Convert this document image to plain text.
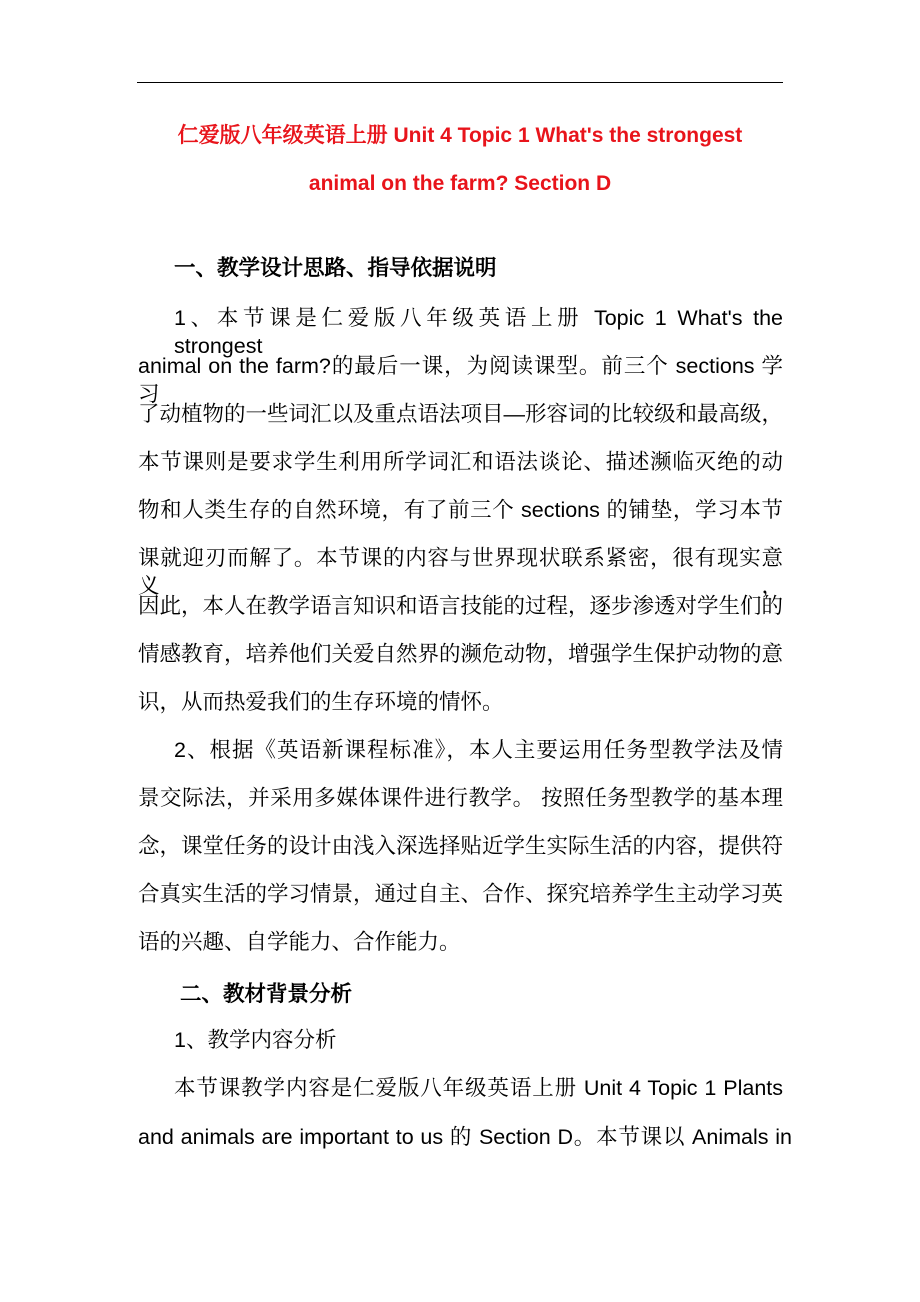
仁爱版八年级英语上册 Unit 4 Topic 1 What's the strongest
animal on the farm? Section D
一、教学设计思路、指导依据说明
1、本节课是仁爱版八年级英语上册 Topic 1 What's the strongest
animal on the farm?的最后一课，为阅读课型。前三个 sections 学习
了动植物的一些词汇以及重点语法项目—形容词的比较级和最高级，
本节课则是要求学生利用所学词汇和语法谈论、描述濒临灭绝的动
物和人类生存的自然环境，有了前三个 sections 的铺垫，学习本节
课就迎刃而解了。本节课的内容与世界现状联系紧密，很有现实意义，
因此，本人在教学语言知识和语言技能的过程，逐步渗透对学生们的
情感教育，培养他们关爱自然界的濒危动物，增强学生保护动物的意
识，从而热爱我们的生存环境的情怀。
2、根据《英语新课程标准》，本人主要运用任务型教学法及情
景交际法，并采用多媒体课件进行教学。 按照任务型教学的基本理
念，课堂任务的设计由浅入深选择贴近学生实际生活的内容，提供符
合真实生活的学习情景，通过自主、合作、探究培养学生主动学习英
语的兴趣、自学能力、合作能力。
二、教材背景分析
1、教学内容分析
本节课教学内容是仁爱版八年级英语上册 Unit 4 Topic 1 Plants
and animals are important to us 的 Section D。本节课以 Animals in
